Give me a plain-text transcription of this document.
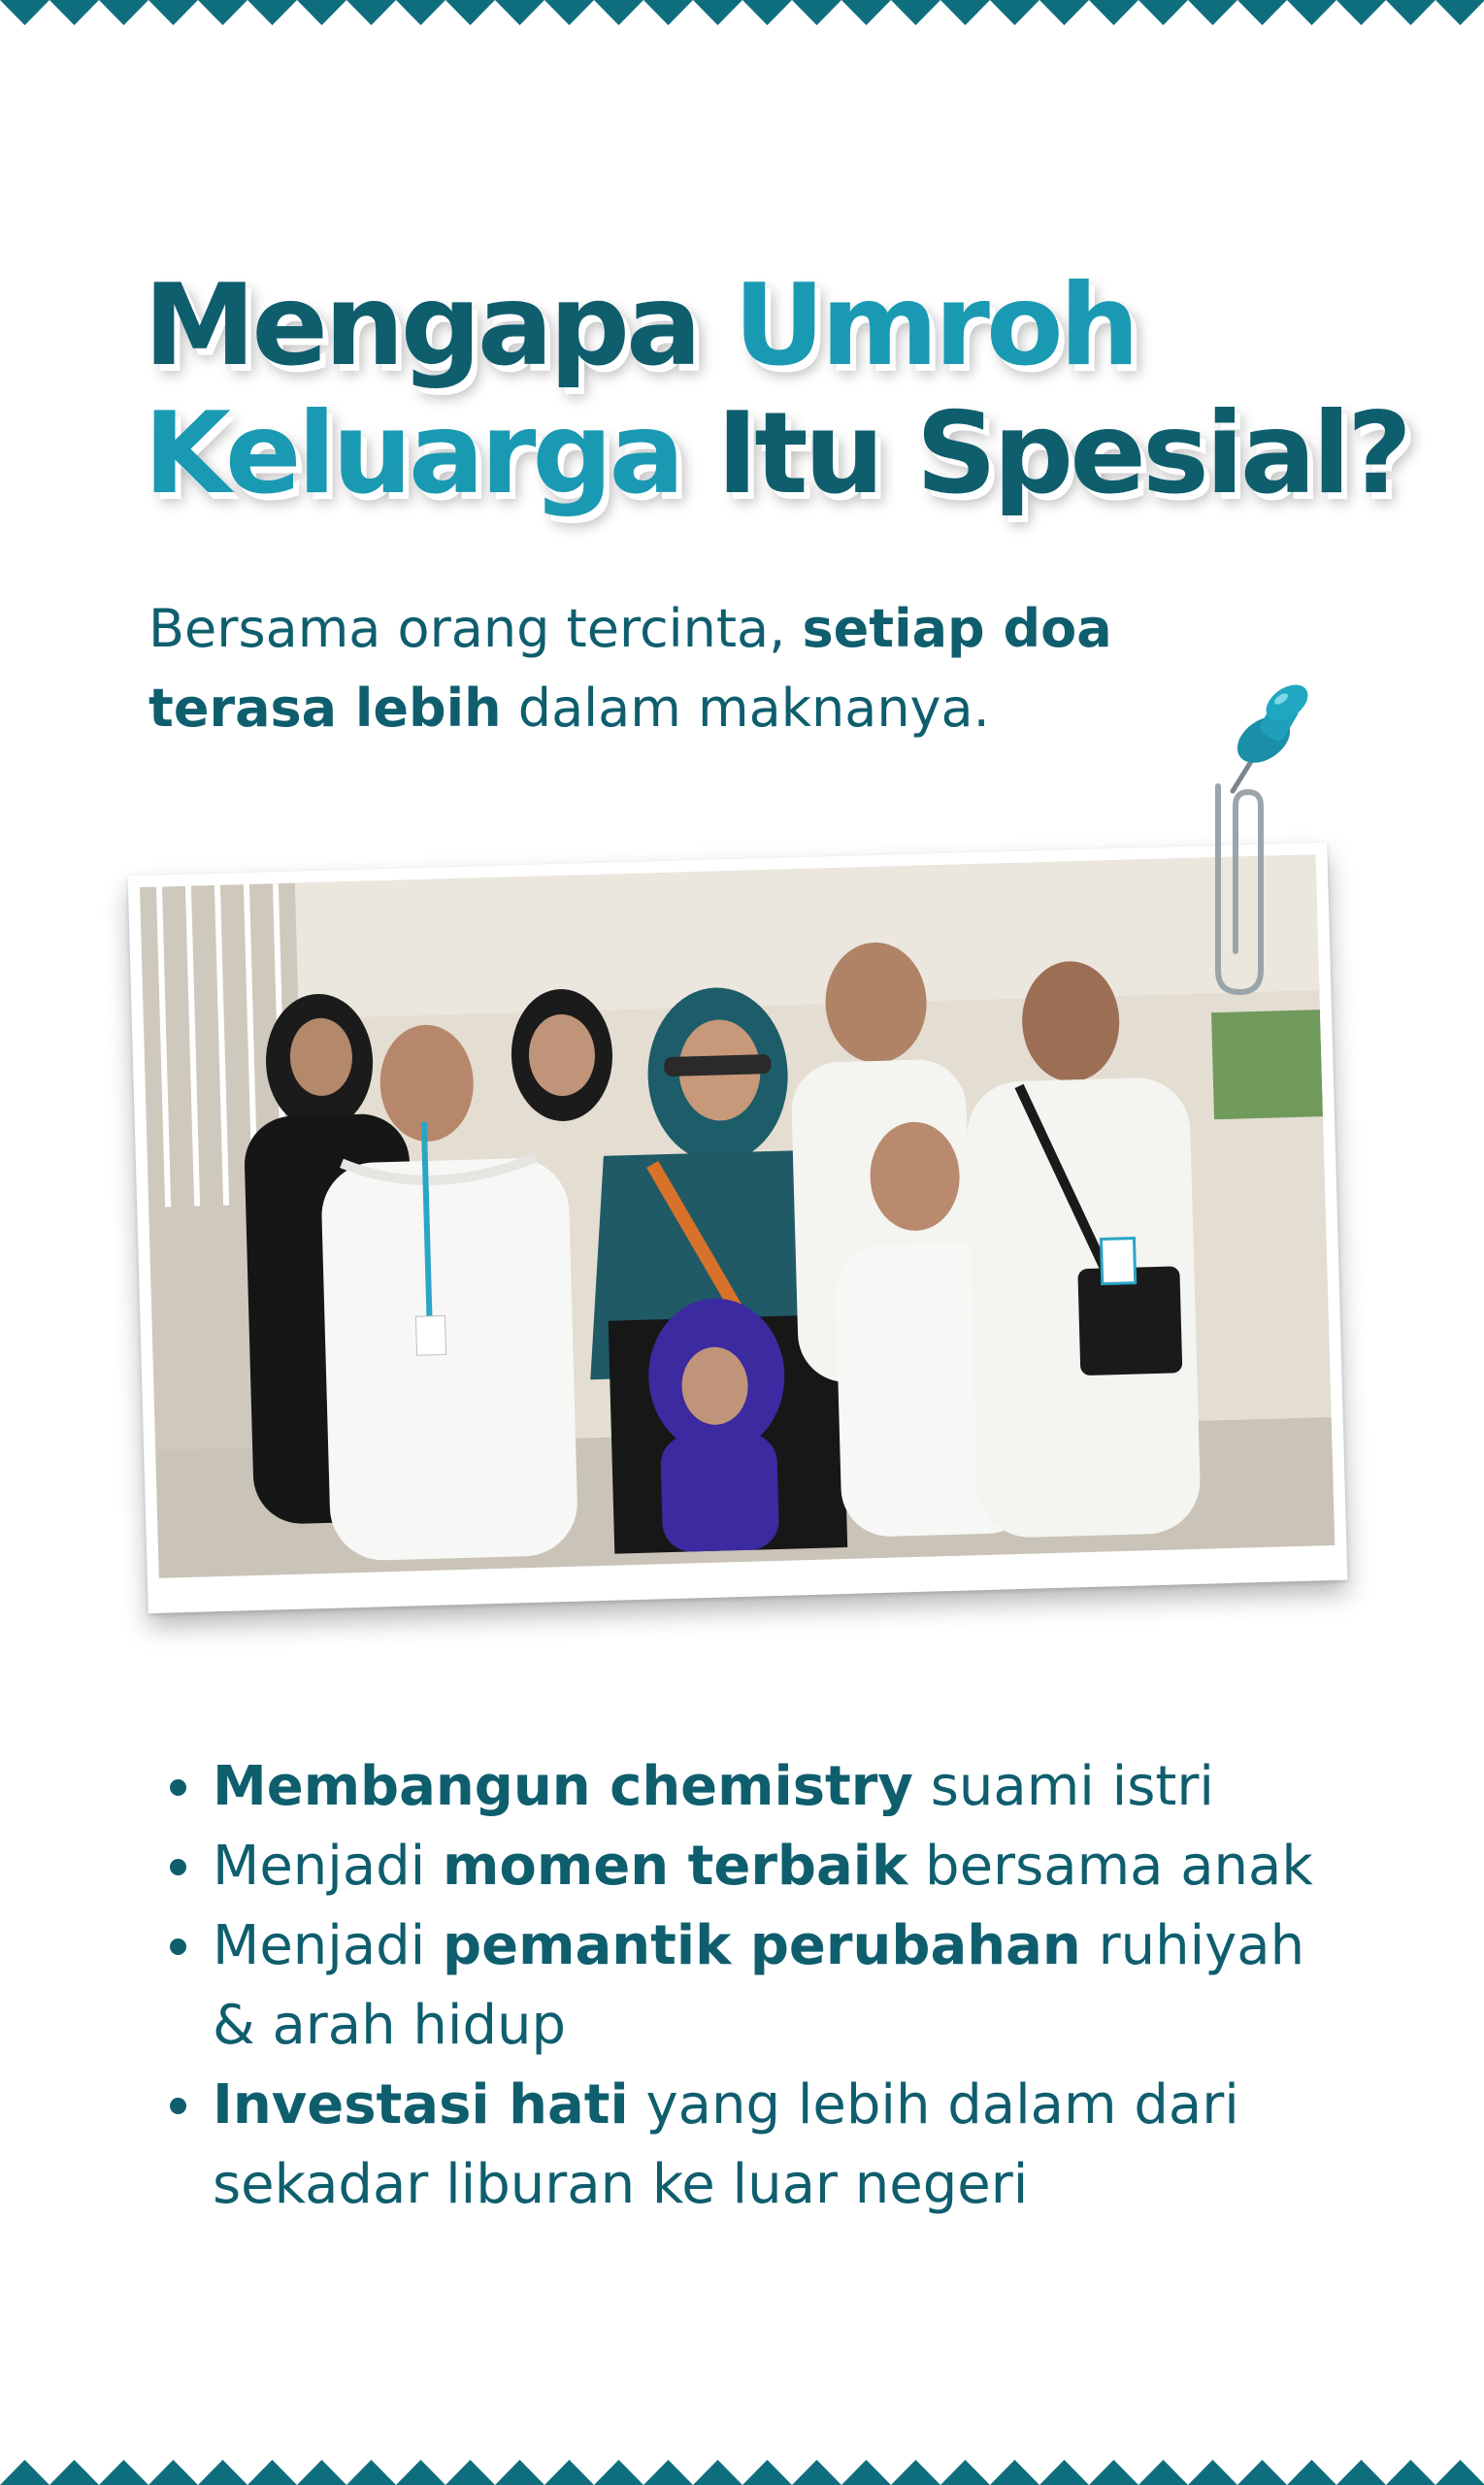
Mengapa Umroh
Keluarga Itu Spesial?
Bersama orang tercinta, setiap doa
terasa lebih dalam maknanya.
Membangun chemistry suami istri
Menjadi momen terbaik bersama anak
Menjadi pemantik perubahan ruhiyah
& arah hidup
Investasi hati yang lebih dalam dari
sekadar liburan ke luar negeri
